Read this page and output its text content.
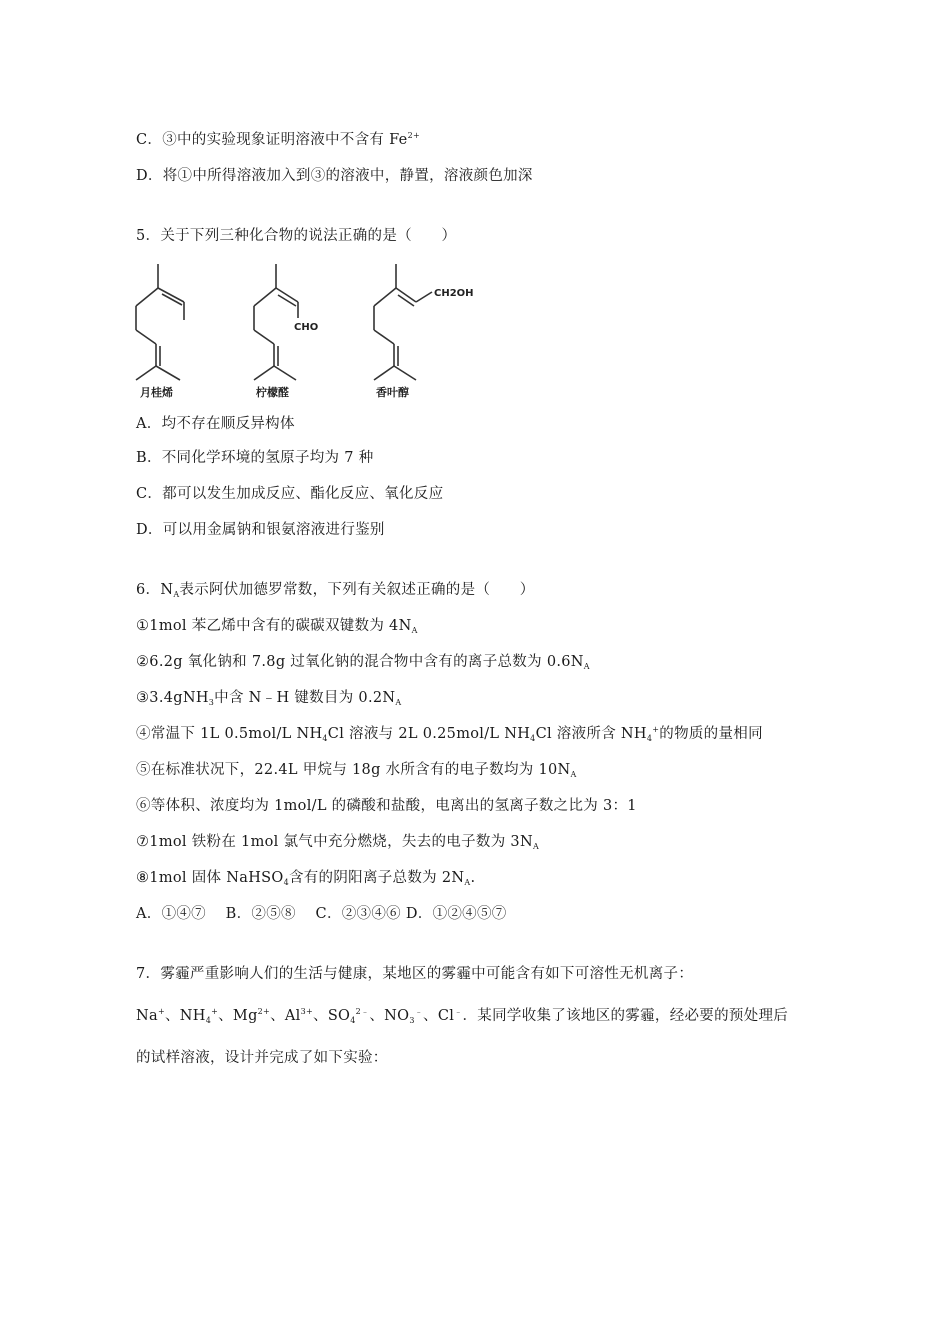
C．③中的实验现象证明溶液中不含有 $Fe^{2+}$
D．将①中所得溶液加入到③的溶液中，静置，溶液颜色加深
5．关于下列三种化合物的说法正确的是（　　）
CHO
CH2OH
月桂烯	柠檬醛	香叶醇
A．均不存在顺反异构体
B．不同化学环境的氢原子均为 7 种
C．都可以发生加成反应、酯化反应、氧化反应
D．可以用金属钠和银氨溶液进行鉴别
6．$N_A$表示阿伏加德罗常数，下列有关叙述正确的是（　　）
①1mol 苯乙烯中含有的碳碳双键数为 $4N_A$
②6.2g 氧化钠和 7.8g 过氧化钠的混合物中含有的离子总数为 $0.6N_A$
③3.4gNH$_3$中含 N﹣H 键数目为 $0.2N_A$
④常温下 1L 0.5mol/L $NH_4Cl$ 溶液与 2L 0.25mol/L $NH_4Cl$ 溶液所含 $NH_4^+$的物质的量相同
⑤在标准状况下，22.4L 甲烷与 18g 水所含有的电子数均为 $10N_A$
⑥等体积、浓度均为 1mol/L 的磷酸和盐酸，电离出的氢离子数之比为 3：1
⑦1mol 铁粉在 1mol 氯气中充分燃烧，失去的电子数为 $3N_A$
⑧1mol 固体 NaHSO$_4$含有的阴阳离子总数为 $2N_A$.
A．①④⑦　 B．②⑤⑧　 C．②③④⑥ D．①②④⑤⑦
7．雾霾严重影响人们的生活与健康，某地区的雾霾中可能含有如下可溶性无机离子：
Na+、$NH_4^+$、$Mg^{2+}$、$Al^{3+}$、$SO_4^{2﹣}$、$NO_3^﹣$、Cl﹣．某同学收集了该地区的雾霾，经必要的预处理后
的试样溶液，设计并完成了如下实验：
